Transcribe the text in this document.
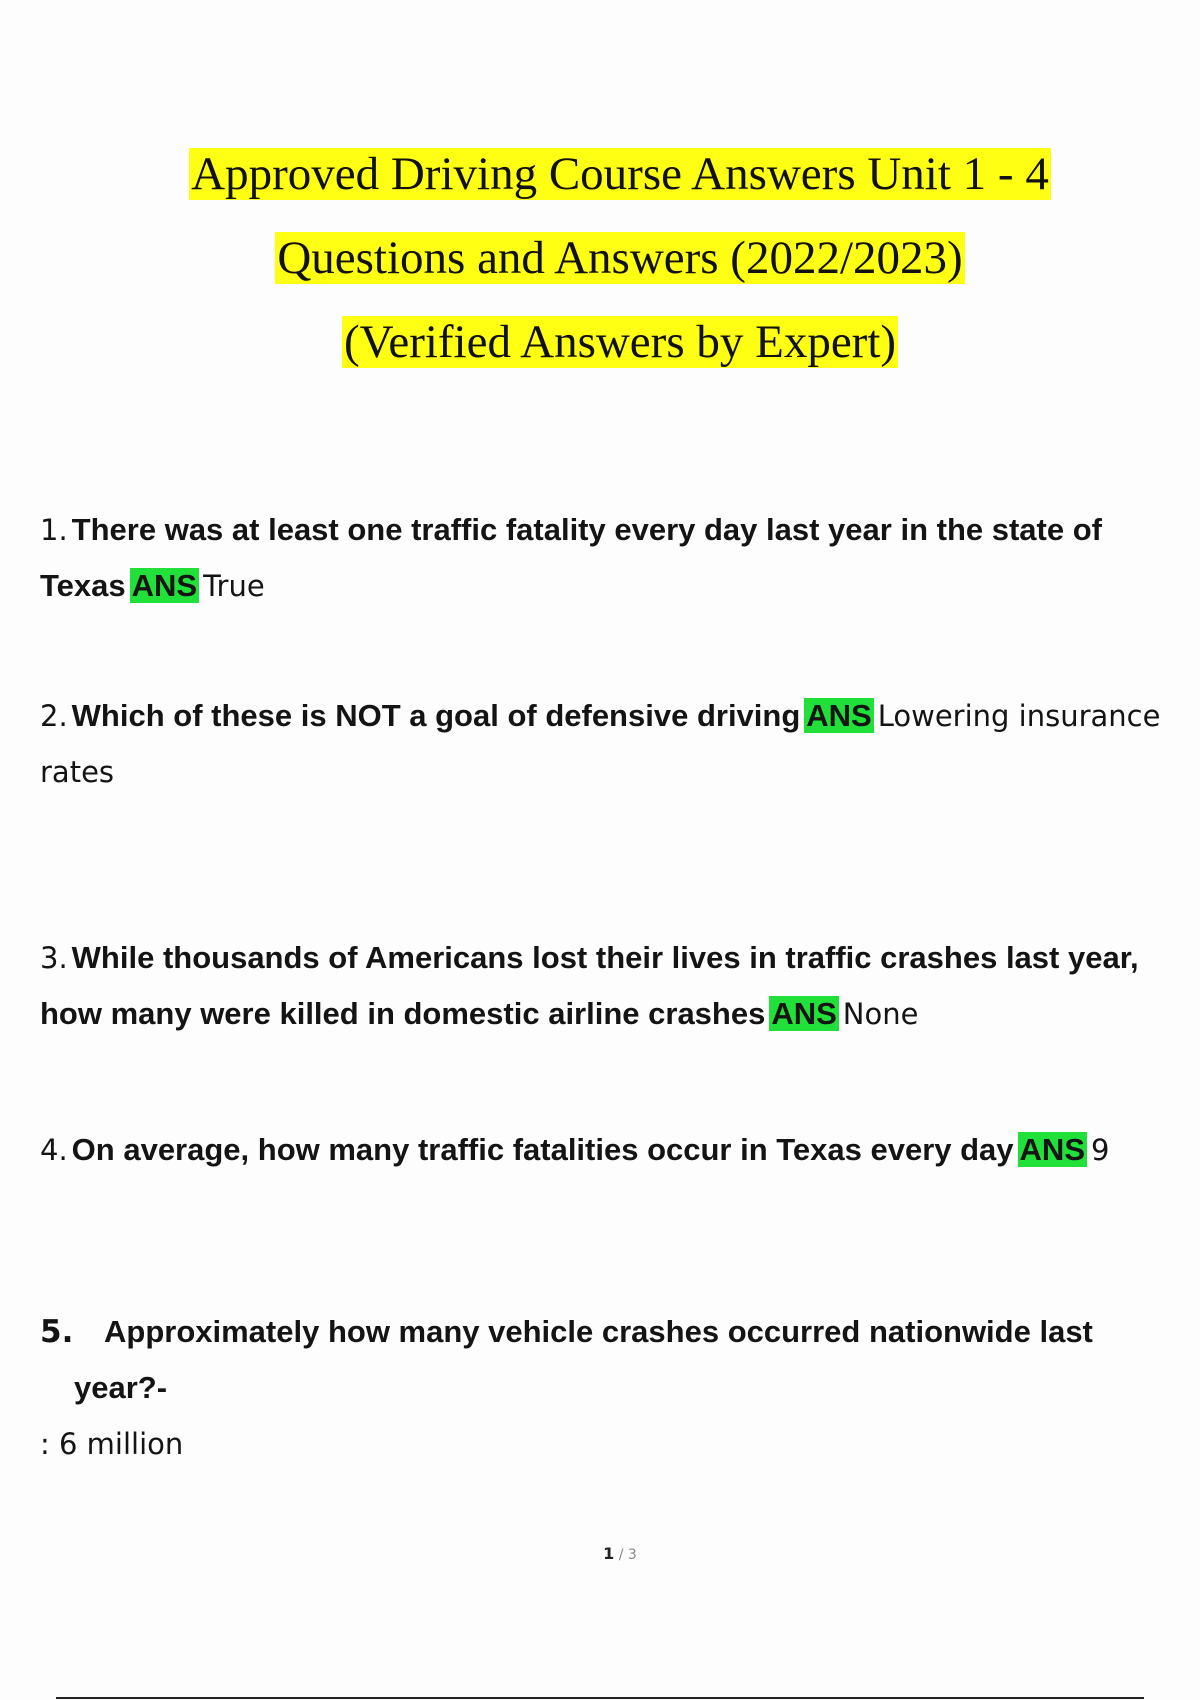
Approved Driving Course Answers Unit 1 - 4
Questions and Answers (2022/2023)
(Verified Answers by Expert)
1. There was at least one traffic fatality every day last year in the state of Texas ANS True
2. Which of these is NOT a goal of defensive driving ANS Lowering insurance rates
3. While thousands of Americans lost their lives in traffic crashes last year, how many were killed in domestic airline crashes ANS None
4. On average, how many traffic fatalities occur in Texas every day ANS 9
5. Approximately how many vehicle crashes occurred nationwide last
year?-
: 6 million
1 / 3
